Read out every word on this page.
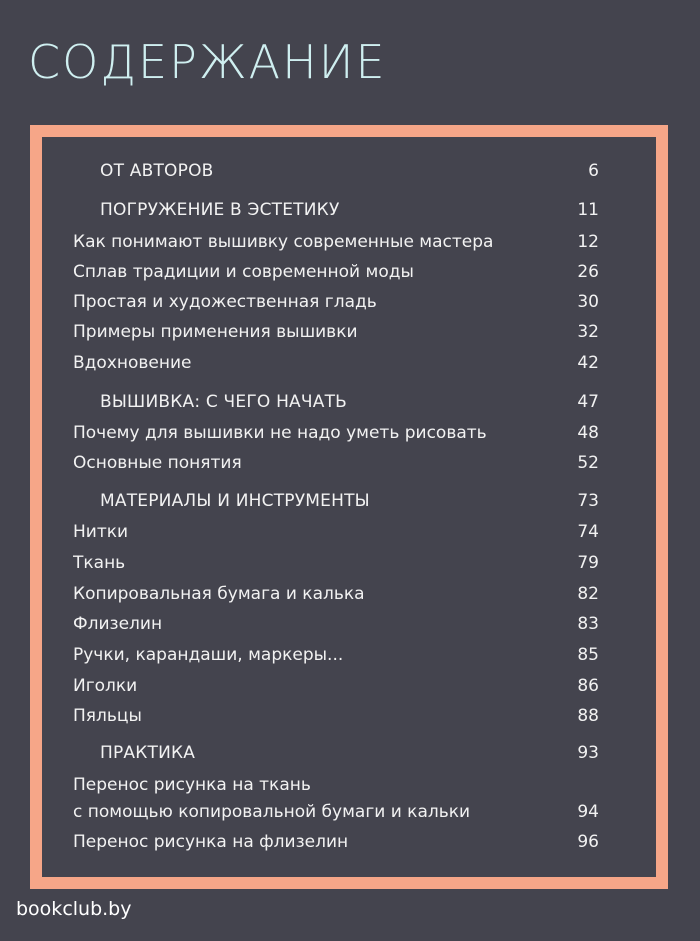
СОДЕРЖАНИЕ
ОТ АВТОРОВ	6
ПОГРУЖЕНИЕ В ЭСТЕТИКУ	11
Как понимают вышивку современные мастера	12
Сплав традиции и современной моды	26
Простая и художественная гладь	30
Примеры применения вышивки	32
Вдохновение	42
ВЫШИВКА: С ЧЕГО НАЧАТЬ	47
Почему для вышивки не надо уметь рисовать	48
Основные понятия	52
МАТЕРИАЛЫ И ИНСТРУМЕНТЫ	73
Нитки	74
Ткань	79
Копировальная бумага и калька	82
Флизелин	83
Ручки, карандаши, маркеры...	85
Иголки	86
Пяльцы	88
ПРАКТИКА	93
Перенос рисунка на ткань
с помощью копировальной бумаги и кальки	94
Перенос рисунка на флизелин	96
bookclub.by
